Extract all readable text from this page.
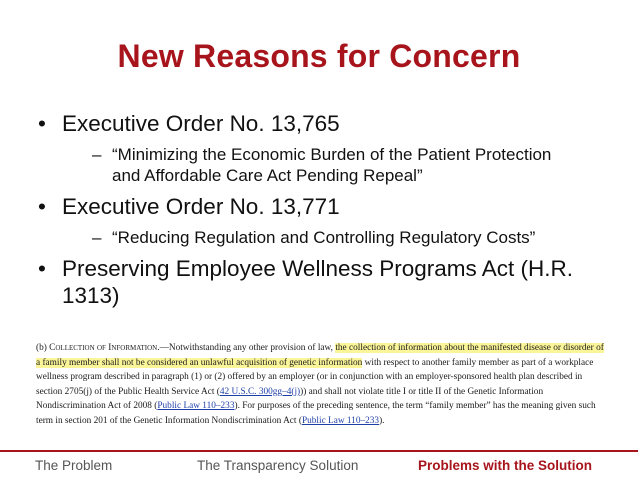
New Reasons for Concern
• Executive Order No. 13,765
– “Minimizing the Economic Burden of the Patient Protection and Affordable Care Act Pending Repeal”
• Executive Order No. 13,771
– “Reducing Regulation and Controlling Regulatory Costs”
• Preserving Employee Wellness Programs Act (H.R. 1313)
(b) Collection of Information.—Notwithstanding any other provision of law, the collection of information about the manifested disease or disorder of a family member shall not be considered an unlawful acquisition of genetic information with respect to another family member as part of a workplace wellness program described in paragraph (1) or (2) offered by an employer (or in conjunction with an employer-sponsored health plan described in section 2705(j) of the Public Health Service Act (42 U.S.C. 300gg–4(j))) and shall not violate title I or title II of the Genetic Information Nondiscrimination Act of 2008 (Public Law 110–233). For purposes of the preceding sentence, the term “family member” has the meaning given such term in section 201 of the Genetic Information Nondiscrimination Act (Public Law 110–233).
The Problem	The Transparency Solution	Problems with the Solution
